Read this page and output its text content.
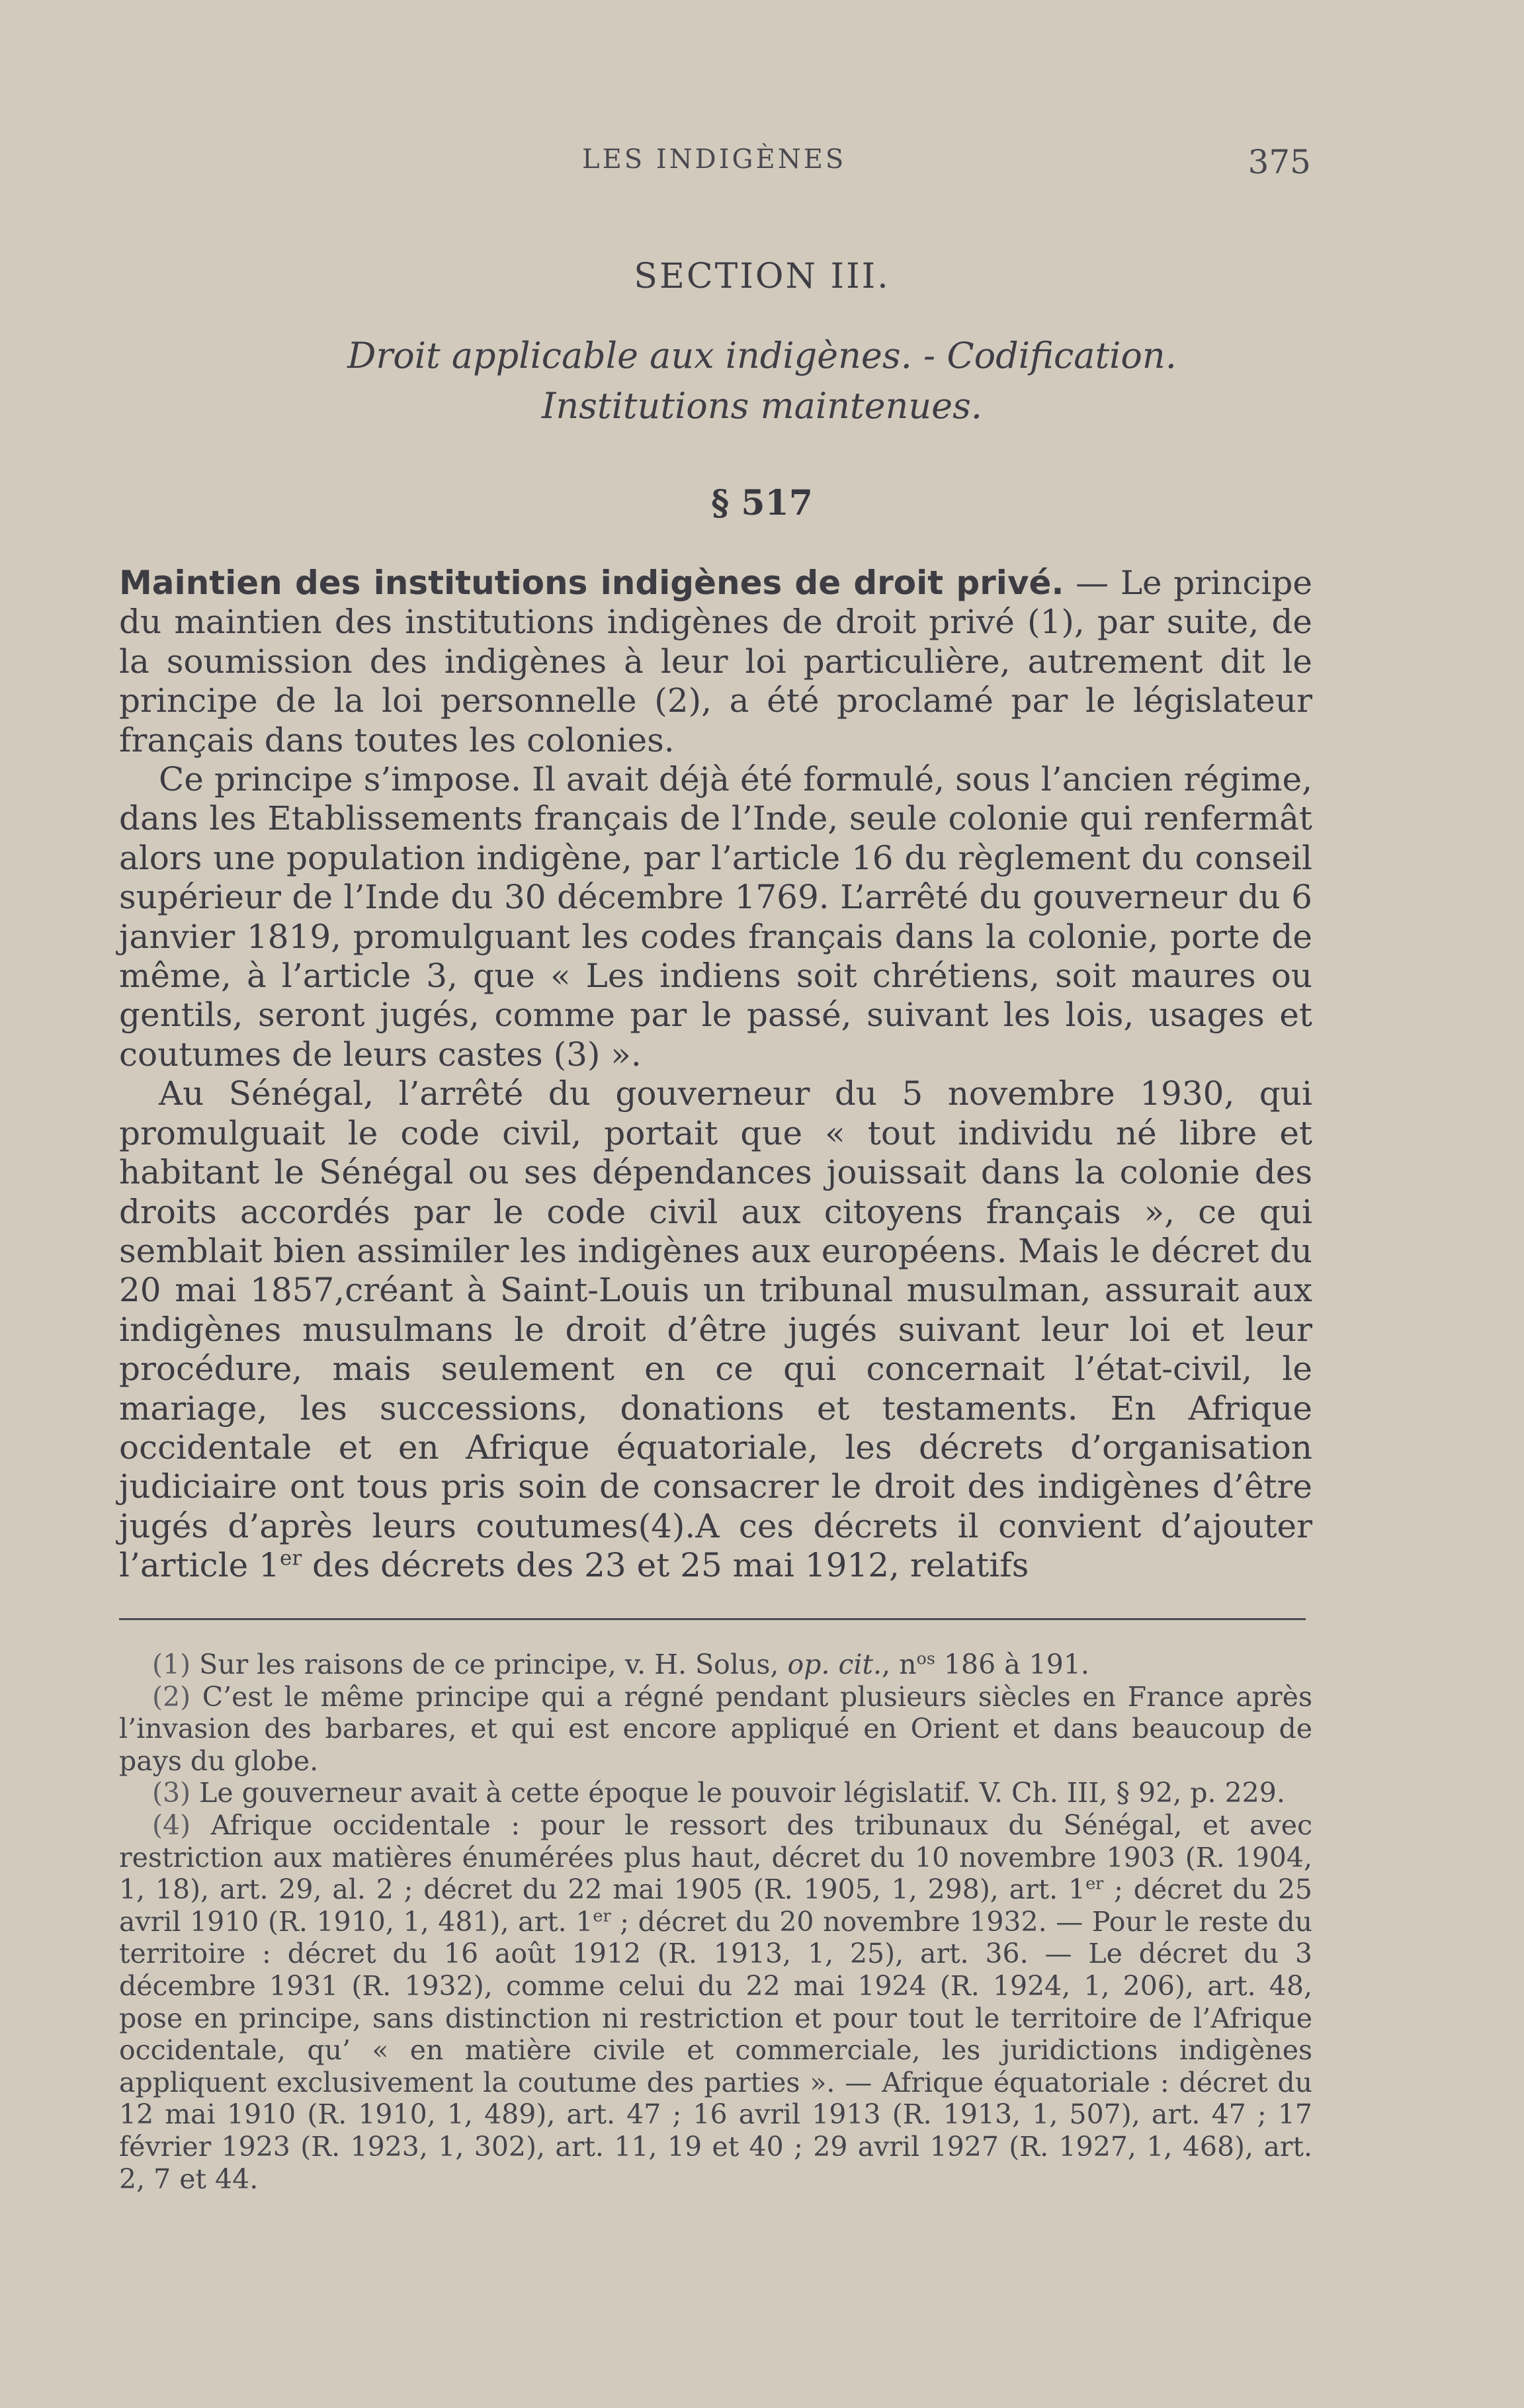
LES INDIGÈNES	375
SECTION III.
Droit applicable aux indigènes. - Codification.
Institutions maintenues.
§ 517

Maintien des institutions indigènes de droit privé. — Le principe du maintien des institutions indigènes de droit privé (1), par suite, de la soumission des indigènes à leur loi particulière, autrement dit le principe de la loi personnelle (2), a été proclamé par le législateur français dans toutes les colonies.

Ce principe s’impose. Il avait déjà été formulé, sous l’ancien régime, dans les Etablissements français de l’Inde, seule colonie qui renfermât alors une population indigène, par l’article 16 du règlement du conseil supérieur de l’Inde du 30 décembre 1769. L’arrêté du gouverneur du 6 janvier 1819, promulguant les codes français dans la colonie, porte de même, à l’article 3, que « Les indiens soit chrétiens, soit maures ou gentils, seront jugés, comme par le passé, suivant les lois, usages et coutumes de leurs castes (3) ».

Au Sénégal, l’arrêté du gouverneur du 5 novembre 1930, qui promulguait le code civil, portait que « tout individu né libre et habitant le Sénégal ou ses dépendances jouissait dans la colonie des droits accordés par le code civil aux citoyens français », ce qui semblait bien assimiler les indigènes aux européens. Mais le décret du 20 mai 1857,créant à Saint-Louis un tribunal musulman, assurait aux indigènes musulmans le droit d’être jugés suivant leur loi et leur procédure, mais seulement en ce qui concernait l’état-civil, le mariage, les successions, donations et testaments. En Afrique occidentale et en Afrique équatoriale, les décrets d’organisation judiciaire ont tous pris soin de consacrer le droit des indigènes d’être jugés d’après leurs coutumes(4).A ces décrets il convient d’ajouter l’article 1er des décrets des 23 et 25 mai 1912, relatifs

(1) Sur les raisons de ce principe, v. H. Solus, op. cit., $n^{os}$ 186 à 191.

(2) C’est le même principe qui a régné pendant plusieurs siècles en France après l’invasion des barbares, et qui est encore appliqué en Orient et dans beaucoup de pays du globe.

(3) Le gouverneur avait à cette époque le pouvoir législatif. V. Ch. III, § 92, p. 229.

(4) Afrique occidentale : pour le ressort des tribunaux du Sénégal, et avec restriction aux matières énumérées plus haut, décret du 10 novembre 1903 (R. 1904, 1, 18), art. 29, al. 2 ; décret du 22 mai 1905 (R. 1905, 1, 298), art. 1er ; décret du 25 avril 1910 (R. 1910, 1, 481), art. 1er ; décret du 20 novembre 1932. — Pour le reste du territoire : décret du 16 août 1912 (R. 1913, 1, 25), art. 36. — Le décret du 3 décembre 1931 (R. 1932), comme celui du 22 mai 1924 (R. 1924, 1, 206), art. 48, pose en principe, sans distinction ni restriction et pour tout le territoire de l’Afrique occidentale, qu’ « en matière civile et commerciale, les juridictions indigènes appliquent exclusivement la coutume des parties ». — Afrique équatoriale : décret du 12 mai 1910 (R. 1910, 1, 489), art. 47 ; 16 avril 1913 (R. 1913, 1, 507), art. 47 ; 17 février 1923 (R. 1923, 1, 302), art. 11, 19 et 40 ; 29 avril 1927 (R. 1927, 1, 468), art. 2, 7 et 44.
